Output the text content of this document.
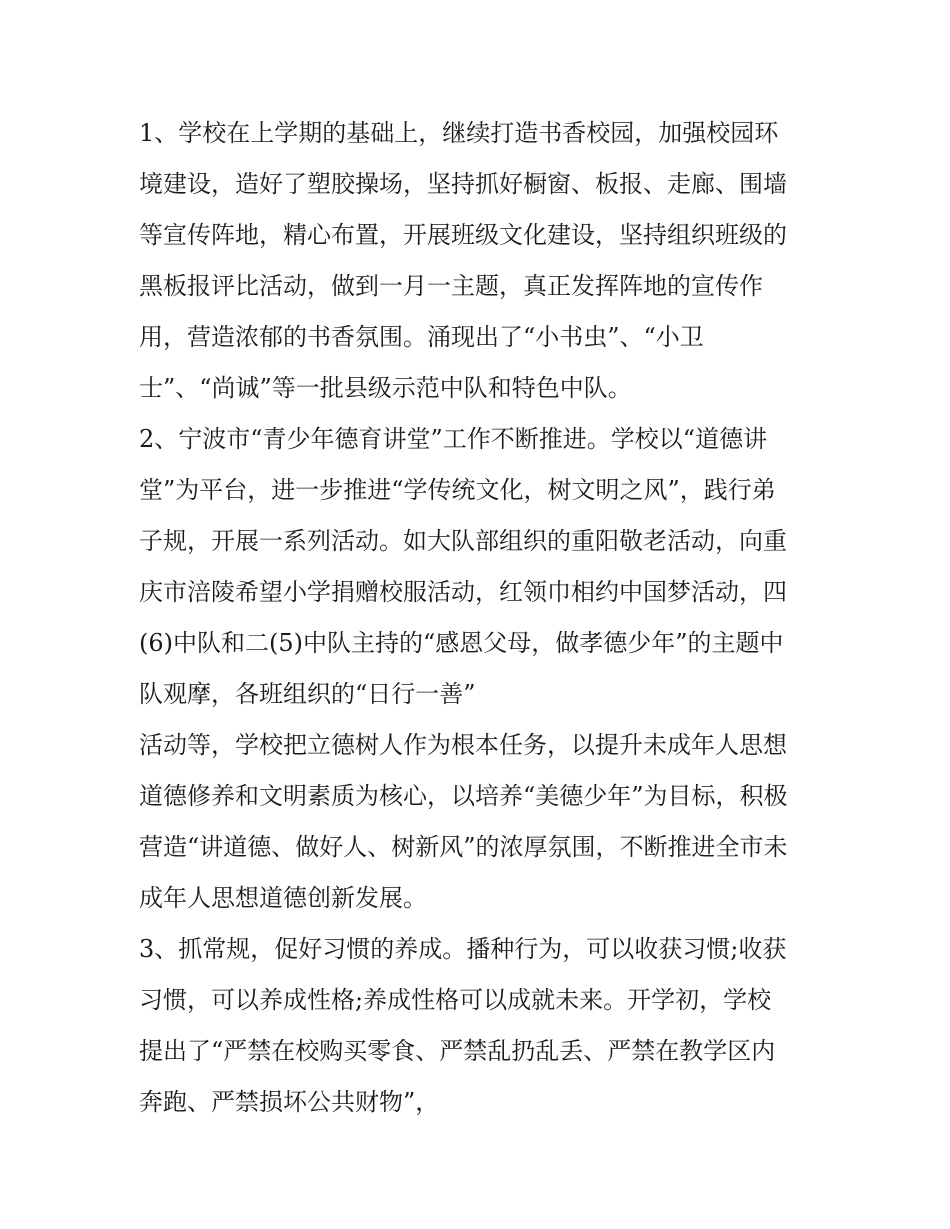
1、学校在上学期的基础上，继续打造书香校园，加强校园环
境建设，造好了塑胶操场，坚持抓好橱窗、板报、走廊、围墙
等宣传阵地，精心布置，开展班级文化建设，坚持组织班级的
黑板报评比活动，做到一月一主题，真正发挥阵地的宣传作
用，营造浓郁的书香氛围。涌现出了“小书虫”、“小卫
士”、“尚诚”等一批县级示范中队和特色中队。
2、宁波市“青少年德育讲堂”工作不断推进。学校以“道德讲
堂”为平台，进一步推进“学传统文化，树文明之风”，践行弟
子规，开展一系列活动。如大队部组织的重阳敬老活动，向重
庆市涪陵希望小学捐赠校服活动，红领巾相约中国梦活动，四
(6)中队和二(5)中队主持的“感恩父母，做孝德少年”的主题中
队观摩，各班组织的“日行一善”
活动等，学校把立德树人作为根本任务，以提升未成年人思想
道德修养和文明素质为核心，以培养“美德少年”为目标，积极
营造“讲道德、做好人、树新风”的浓厚氛围，不断推进全市未
成年人思想道德创新发展。
3、抓常规，促好习惯的养成。播种行为，可以收获习惯;收获
习惯，可以养成性格;养成性格可以成就未来。开学初，学校
提出了“严禁在校购买零食、严禁乱扔乱丢、严禁在教学区内
奔跑、严禁损坏公共财物”，
